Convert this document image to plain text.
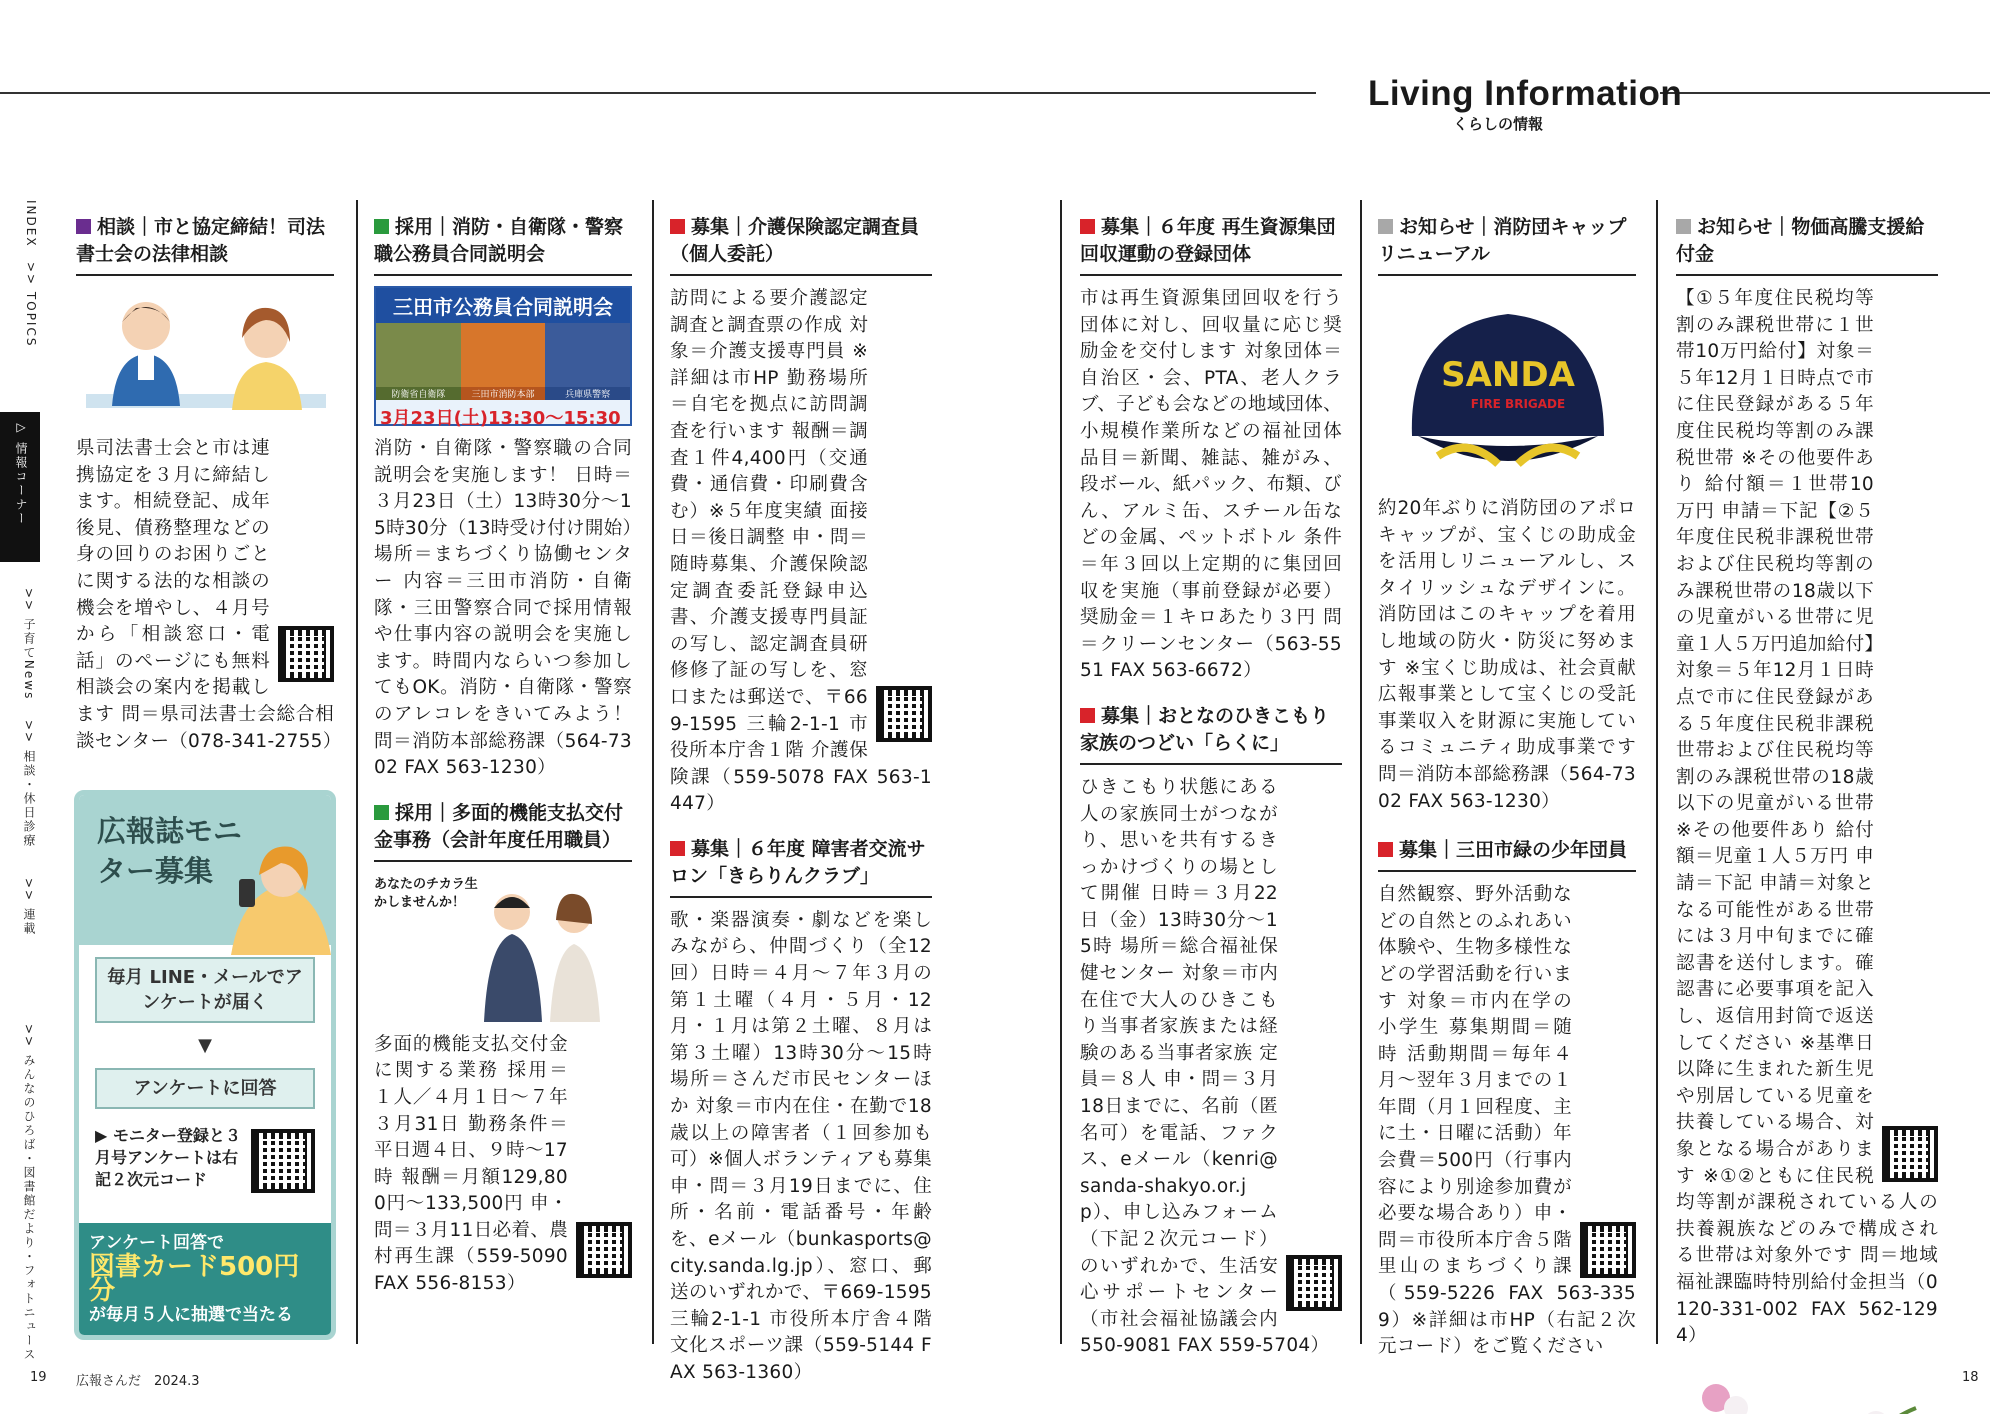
Living Information
くらしの情報
INDEX
>> TOPICS
▷ 情報コーナー
>> 子育てNews
>> 相談・休日診療
>> 連載
>> みんなのひろば・図書館だより・フォトニュース
相談｜市と協定締結！司法書士会の法律相談
県司法書士会と市は連携協定を３月に締結します。相続登記、成年後見、債務整理などの身の回りのお困りごとに関する法的な相談の機会を増やし、４月号から「相談窓口・電話」のページにも無料相談会の案内を掲載します 問＝県司法書士会総合相談センター（078-341-2755）
広報誌モニター募集
毎月 LINE・メールでアンケートが届く
▼
アンケートに回答
▶ モニター登録と３月号アンケートは右記２次元コード
アンケート回答で
図書カード500円分
が毎月５人に抽選で当たる
採用｜消防・自衛隊・警察職公務員合同説明会
三田市公務員合同説明会
防衛省自衛隊	三田市消防本部	兵庫県警察
3月23日(土)13:30〜15:30
消防・自衛隊・警察職の合同説明会を実施します！ 日時＝３月23日（土）13時30分〜15時30分（13時受け付け開始）場所＝まちづくり協働センター 内容＝三田市消防・自衛隊・三田警察合同で採用情報や仕事内容の説明会を実施します。時間内ならいつ参加してもOK。消防・自衛隊・警察のアレコレをきいてみよう！ 問＝消防本部総務課（564-7302 FAX 563-1230）
採用｜多面的機能支払交付金事務（会計年度任用職員）
あなたのチカラ生かしませんか！
多面的機能支払交付金に関する業務 採用＝１人／４月１日〜７年３月31日 勤務条件＝平日週４日、９時〜17時 報酬＝月額129,800円〜133,500円 申・問＝３月11日必着、農村再生課（559-5090 FAX 556-8153）
募集｜介護保険認定調査員（個人委託）
訪問による要介護認定調査と調査票の作成 対象＝介護支援専門員 ※詳細は市HP 勤務場所＝自宅を拠点に訪問調査を行います 報酬＝調査１件4,400円（交通費・通信費・印刷費含む）※５年度実績 面接日＝後日調整 申・問＝随時募集、介護保険認定調査委託登録申込書、介護支援専門員証の写し、認定調査員研修修了証の写しを、窓口または郵送で、〒669-1595 三輪2-1-1 市役所本庁舎１階 介護保険課（559-5078 FAX 563-1447）
募集｜６年度 障害者交流サロン「きらりんクラブ」
歌・楽器演奏・劇などを楽しみながら、仲間づくり（全12回）日時＝４月〜７年３月の第１土曜（４月・５月・12月・１月は第２土曜、８月は第３土曜）13時30分〜15時 場所＝さんだ市民センターほか 対象＝市内在住・在勤で18歳以上の障害者（１回参加も可）※個人ボランティアも募集 申・問＝３月19日までに、住所・名前・電話番号・年齢を、eメール（bunkasports@city.sanda.lg.jp）、窓口、郵送のいずれかで、〒669-1595 三輪2-1-1 市役所本庁舎４階 文化スポーツ課（559-5144 FAX 563-1360）
募集｜６年度 再生資源集団回収運動の登録団体
市は再生資源集団回収を行う団体に対し、回収量に応じ奨励金を交付します 対象団体＝自治区・会、PTA、老人クラブ、子ども会などの地域団体、小規模作業所などの福祉団体 品目＝新聞、雑誌、雑がみ、段ボール、紙パック、布類、びん、アルミ缶、スチール缶などの金属、ペットボトル 条件＝年３回以上定期的に集団回収を実施（事前登録が必要）奨励金＝１キロあたり３円 問＝クリーンセンター（563-5551 FAX 563-6672）
募集｜おとなのひきこもり家族のつどい「らくに」
ひきこもり状態にある人の家族同士がつながり、思いを共有するきっかけづくりの場として開催 日時＝３月22日（金）13時30分〜15時 場所＝総合福祉保健センター 対象＝市内在住で大人のひきこもり当事者家族または経験のある当事者家族 定員＝８人 申・問＝３月18日までに、名前（匿名可）を電話、ファクス、eメール（kenri@sanda-shakyo.or.jp）、申し込みフォーム（下記２次元コード）のいずれかで、生活安心サポートセンター（市社会福祉協議会内 550-9081 FAX 559-5704）
お知らせ｜消防団キャップリニューアル
SANDA
FIRE BRIGADE
約20年ぶりに消防団のアポロキャップが、宝くじの助成金を活用しリニューアルし、スタイリッシュなデザインに。消防団はこのキャップを着用し地域の防火・防災に努めます ※宝くじ助成は、社会貢献広報事業として宝くじの受託事業収入を財源に実施しているコミュニティ助成事業です 問＝消防本部総務課（564-7302 FAX 563-1230）
募集｜三田市緑の少年団員
自然観察、野外活動などの自然とのふれあい体験や、生物多様性などの学習活動を行います 対象＝市内在学の小学生 募集期間＝随時 活動期間＝毎年４月〜翌年３月までの１年間（月１回程度、主に土・日曜に活動）年会費＝500円（行事内容により別途参加費が必要な場合あり）申・問＝市役所本庁舎５階 里山のまちづくり課（559-5226 FAX 563-3359）※詳細は市HP（右記２次元コード）をご覧ください
お知らせ｜物価高騰支援給付金
【①５年度住民税均等割のみ課税世帯に１世帯10万円給付】対象＝５年12月１日時点で市に住民登録がある５年度住民税均等割のみ課税世帯 ※その他要件あり 給付額＝１世帯10万円 申請＝下記【②５年度住民税非課税世帯および住民税均等割のみ課税世帯の18歳以下の児童がいる世帯に児童１人５万円追加給付】対象＝５年12月１日時点で市に住民登録がある５年度住民税非課税世帯および住民税均等割のみ課税世帯の18歳以下の児童がいる世帯 ※その他要件あり 給付額＝児童１人５万円 申請＝下記 申請＝対象となる可能性がある世帯には３月中旬までに確認書を送付します。確認書に必要事項を記入し、返信用封筒で返送してください ※基準日以降に生まれた新生児や別居している児童を扶養している場合、対象となる場合があります ※①②ともに住民税均等割が課税されている人の扶養親族などのみで構成される世帯は対象外です 問＝地域福祉課臨時特別給付金担当（0120-331-002 FAX 562-1294）
19 広報さんだ　2024.3	18
